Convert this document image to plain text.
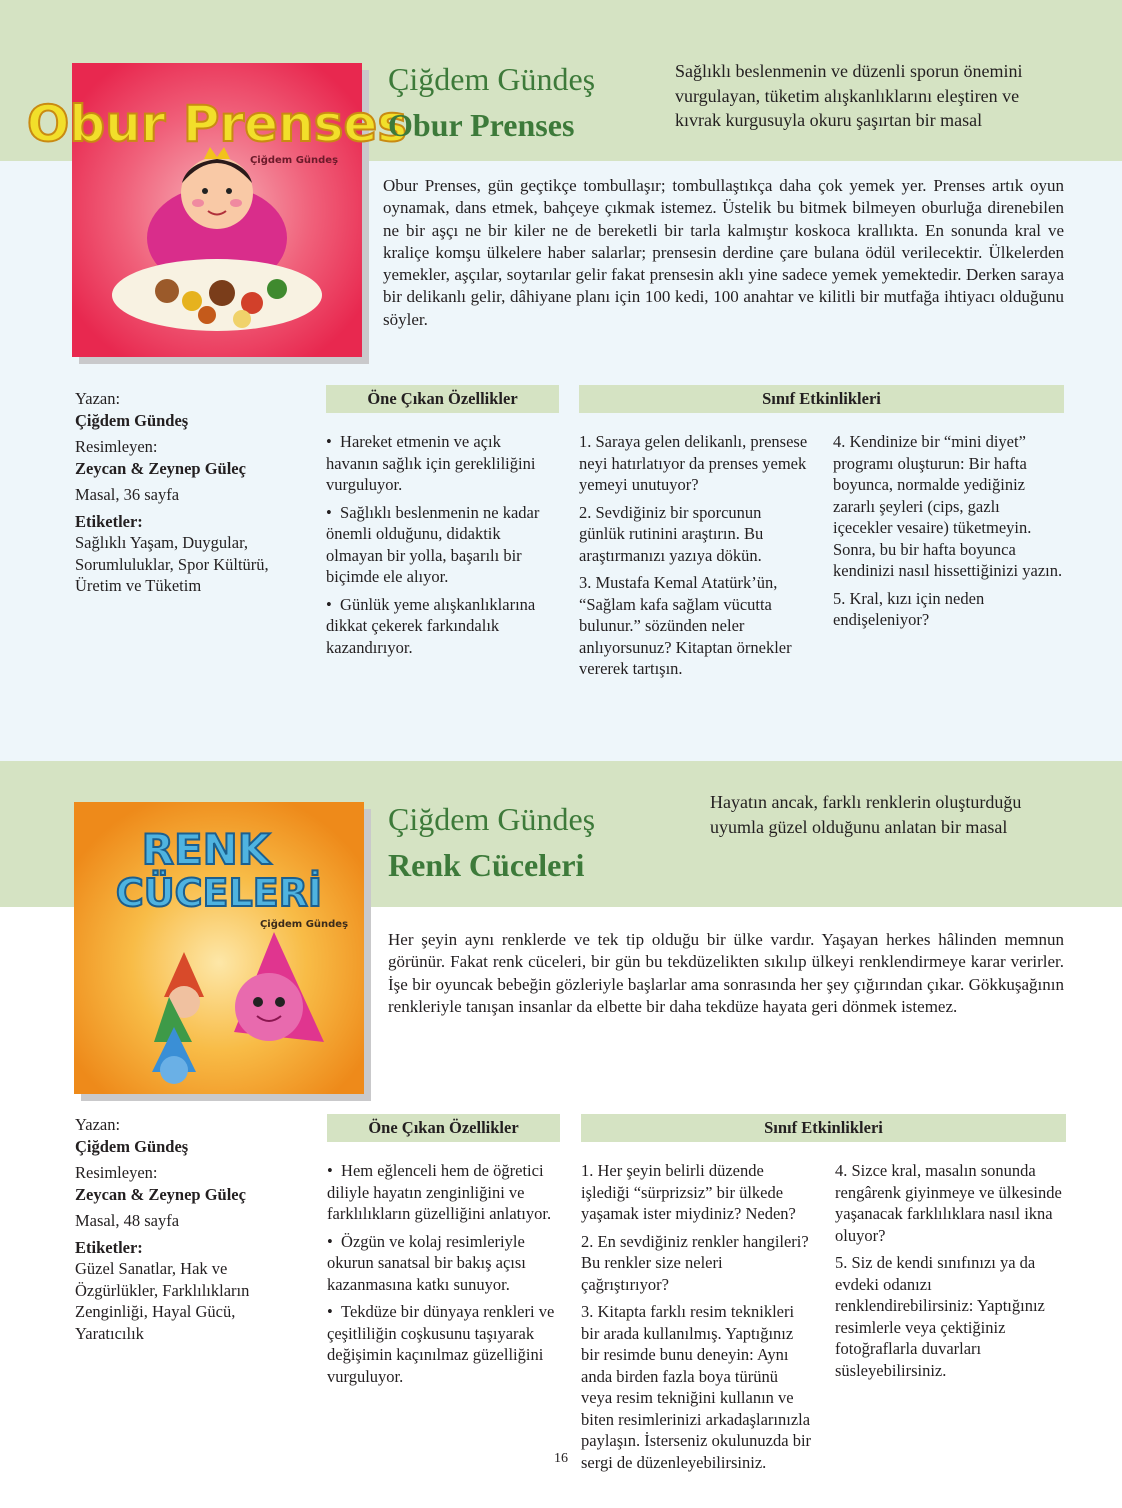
Obur Prenses
Çiğdem Gündeş
Çiğdem Gündeş
Obur Prenses
Sağlıklı beslenmenin ve düzenli sporun önemini
vurgulayan, tüketim alışkanlıklarını eleştiren ve
kıvrak kurgusuyla okuru şaşırtan bir masal
Obur Prenses, gün geçtikçe tombullaşır; tombullaştıkça daha çok yemek yer. Prenses artık oyun oynamak, dans etmek, bahçeye çıkmak istemez. Üstelik bu bitmek bilmeyen oburluğa direnebilen ne bir aşçı ne bir kiler ne de bereketli bir tarla kalmıştır koskoca krallıkta. En sonunda kral ve kraliçe komşu ülkelere haber salarlar; prensesin derdine çare bulana ödül verilecektir. Ülkelerden yemekler, aşçılar, soytarılar gelir fakat prensesin aklı yine sadece yemek yemektedir. Derken saraya bir delikanlı gelir, dâhiyane planı için 100 kedi, 100 anahtar ve kilitli bir mutfağa ihtiyacı olduğunu söyler.
Yazan:
Çiğdem Gündeş
Resimleyen:
Zeycan & Zeynep Güleç
Masal, 36 sayfa
Etiketler:
Sağlıklı Yaşam, Duygular, Sorumluluklar, Spor Kültürü, Üretim ve Tüketim
Öne Çıkan Özellikler	Sınıf Etkinlikleri

•  Hareket etmenin ve açık havanın sağlık için gerekliliğini vurguluyor.

•  Sağlıklı beslenmenin ne kadar önemli olduğunu, didaktik olmayan bir yolla, başarılı bir biçimde ele alıyor.

•  Günlük yeme alışkanlıklarına dikkat çekerek farkındalık kazandırıyor.

1. Saraya gelen delikanlı, prensese neyi hatırlatıyor da prenses yemek yemeyi unutuyor?

2. Sevdiğiniz bir sporcunun günlük rutinini araştırın. Bu araştırmanızı yazıya dökün.

3. Mustafa Kemal Atatürk’ün, “Sağlam kafa sağlam vücutta bulunur.” sözünden neler anlıyorsunuz? Kitaptan örnekler vererek tartışın.

4. Kendinize bir “mini diyet” programı oluşturun: Bir hafta boyunca, normalde yediğiniz zararlı şeyleri (cips, gazlı içecekler vesaire) tüketmeyin. Sonra, bu bir hafta boyunca kendinizi nasıl hissettiğinizi yazın.

5. Kral, kızı için neden endişeleniyor?

RENK
CÜCELERİ
Çiğdem Gündeş
Çiğdem Gündeş
Renk Cüceleri
Hayatın ancak, farklı renklerin oluşturduğu
uyumla güzel olduğunu anlatan bir masal
Her şeyin aynı renklerde ve tek tip olduğu bir ülke vardır. Yaşayan herkes hâlinden memnun görünür. Fakat renk cüceleri, bir gün bu tekdüzelikten sıkılıp ülkeyi renklendirmeye karar verirler. İşe bir oyuncak bebeğin gözleriyle başlarlar ama sonrasında her şey çığırından çıkar. Gökkuşağının renkleriyle tanışan insanlar da elbette bir daha tekdüze hayata geri dönmek istemez.
Yazan:
Çiğdem Gündeş
Resimleyen:
Zeycan & Zeynep Güleç
Masal, 48 sayfa
Etiketler:
Güzel Sanatlar, Hak ve Özgürlükler, Farklılıkların Zenginliği, Hayal Gücü, Yaratıcılık
Öne Çıkan Özellikler	Sınıf Etkinlikleri

•  Hem eğlenceli hem de öğretici diliyle hayatın zenginliğini ve farklılıkların güzelliğini anlatıyor.

•  Özgün ve kolaj resimleriyle okurun sanatsal bir bakış açısı kazanmasına katkı sunuyor.

•  Tekdüze bir dünyaya renkleri ve çeşitliliğin coşkusunu taşıyarak değişimin kaçınılmaz güzelliğini vurguluyor.

1. Her şeyin belirli düzende işlediği “sürprizsiz” bir ülkede yaşamak ister miydiniz? Neden?

2. En sevdiğiniz renkler hangileri? Bu renkler size neleri çağrıştırıyor?

3. Kitapta farklı resim teknikleri bir arada kullanılmış. Yaptığınız bir resimde bunu deneyin: Aynı anda birden fazla boya türünü veya resim tekniğini kullanın ve biten resimlerinizi arkadaşlarınızla paylaşın. İsterseniz okulunuzda bir sergi de düzenleyebilirsiniz.

4. Sizce kral, masalın sonunda rengârenk giyinmeye ve ülkesinde yaşanacak farklılıklara nasıl ikna oluyor?

5. Siz de kendi sınıfınızı ya da evdeki odanızı renklendirebilirsiniz: Yaptığınız resimlerle veya çektiğiniz fotoğraflarla duvarları süsleyebilirsiniz.

16
